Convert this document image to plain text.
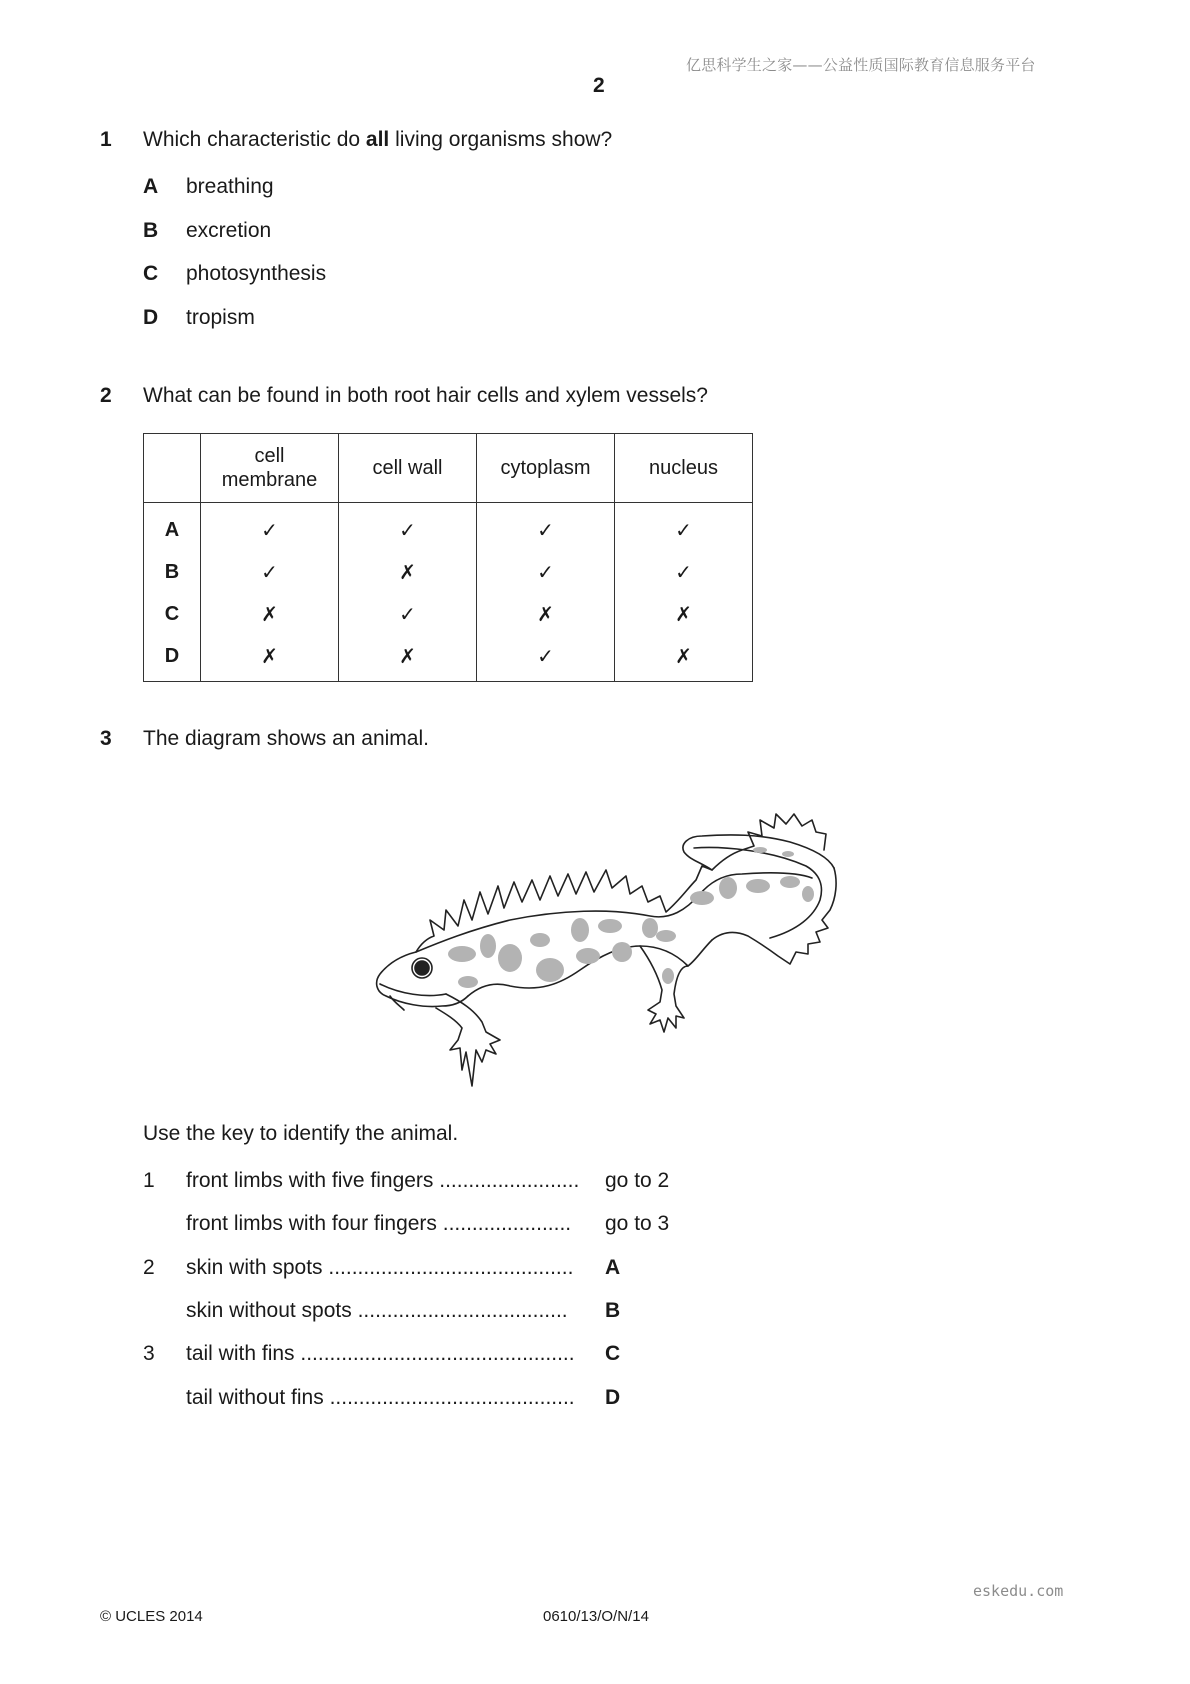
亿思科学生之家——公益性质国际教育信息服务平台
2
1 Which characteristic do all living organisms show?
A breathing
B excretion
C photosynthesis
D tropism
2 What can be found in both root hair cells and xylem vessels?
	cell
membrane	cell wall	cytoplasm	nucleus
A	✓	✓	✓	✓
B	✓	✗	✓	✓
C	✗	✓	✗	✗
D	✗	✗	✓	✗
3 The diagram shows an animal.
Use the key to identify the animal.
1 front limbs with five fingers ........................ go to 2
front limbs with four fingers ...................... go to 3
2 skin with spots .......................................... A
skin without spots .................................... B
3 tail with fins ............................................... C
tail without fins .......................................... D
eskedu.com
© UCLES 2014	0610/13/O/N/14
